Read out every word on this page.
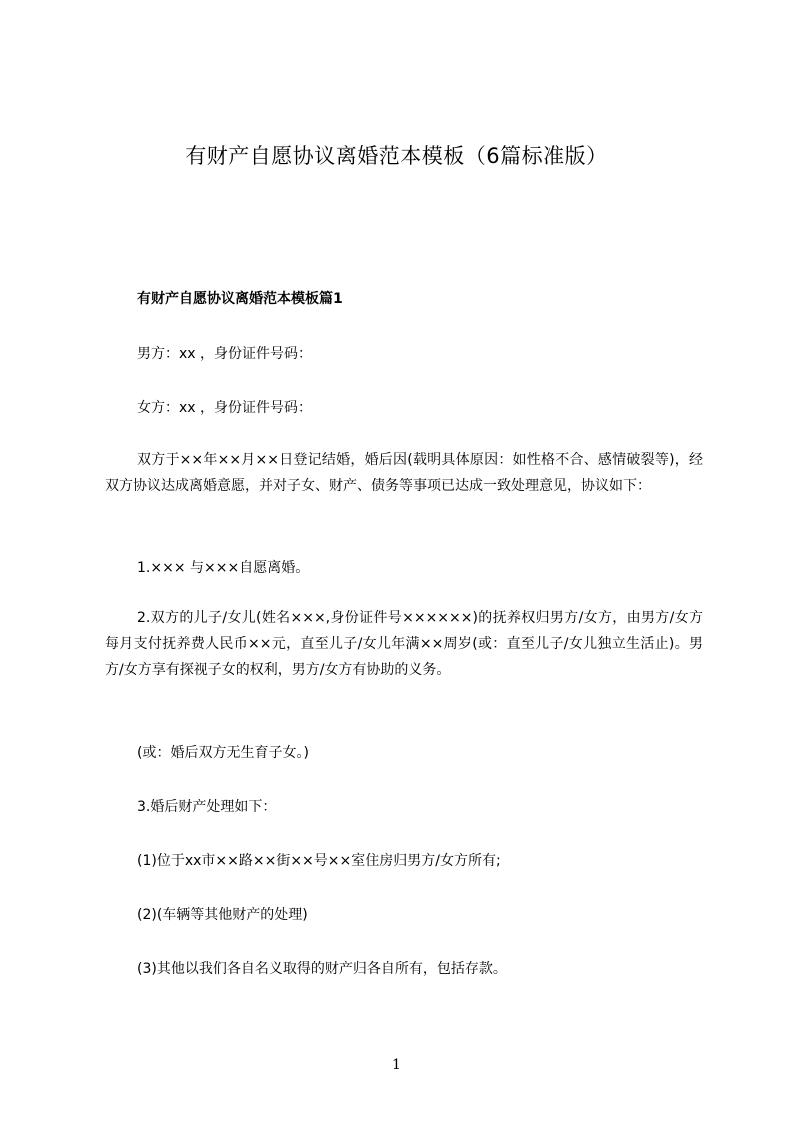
有财产自愿协议离婚范本模板（6篇标准版）
有财产自愿协议离婚范本模板篇1
男方：xx ，身份证件号码：
女方：xx ，身份证件号码：
双方于××年××月××日登记结婚，婚后因(载明具体原因：如性格不合、感情破裂等)，经双方协议达成离婚意愿，并对子女、财产、债务等事项已达成一致处理意见，协议如下：
1.××× 与×××自愿离婚。
2.双方的儿子/女儿(姓名×××,身份证件号××××××)的抚养权归男方/女方，由男方/女方每月支付抚养费人民币××元，直至儿子/女儿年满××周岁(或：直至儿子/女儿独立生活止)。男方/女方享有探视子女的权利，男方/女方有协助的义务。
(或：婚后双方无生育子女。)
3.婚后财产处理如下：
(1)位于xx市××路××街××号××室住房归男方/女方所有;
(2)(车辆等其他财产的处理)
(3)其他以我们各自名义取得的财产归各自所有，包括存款。
1
